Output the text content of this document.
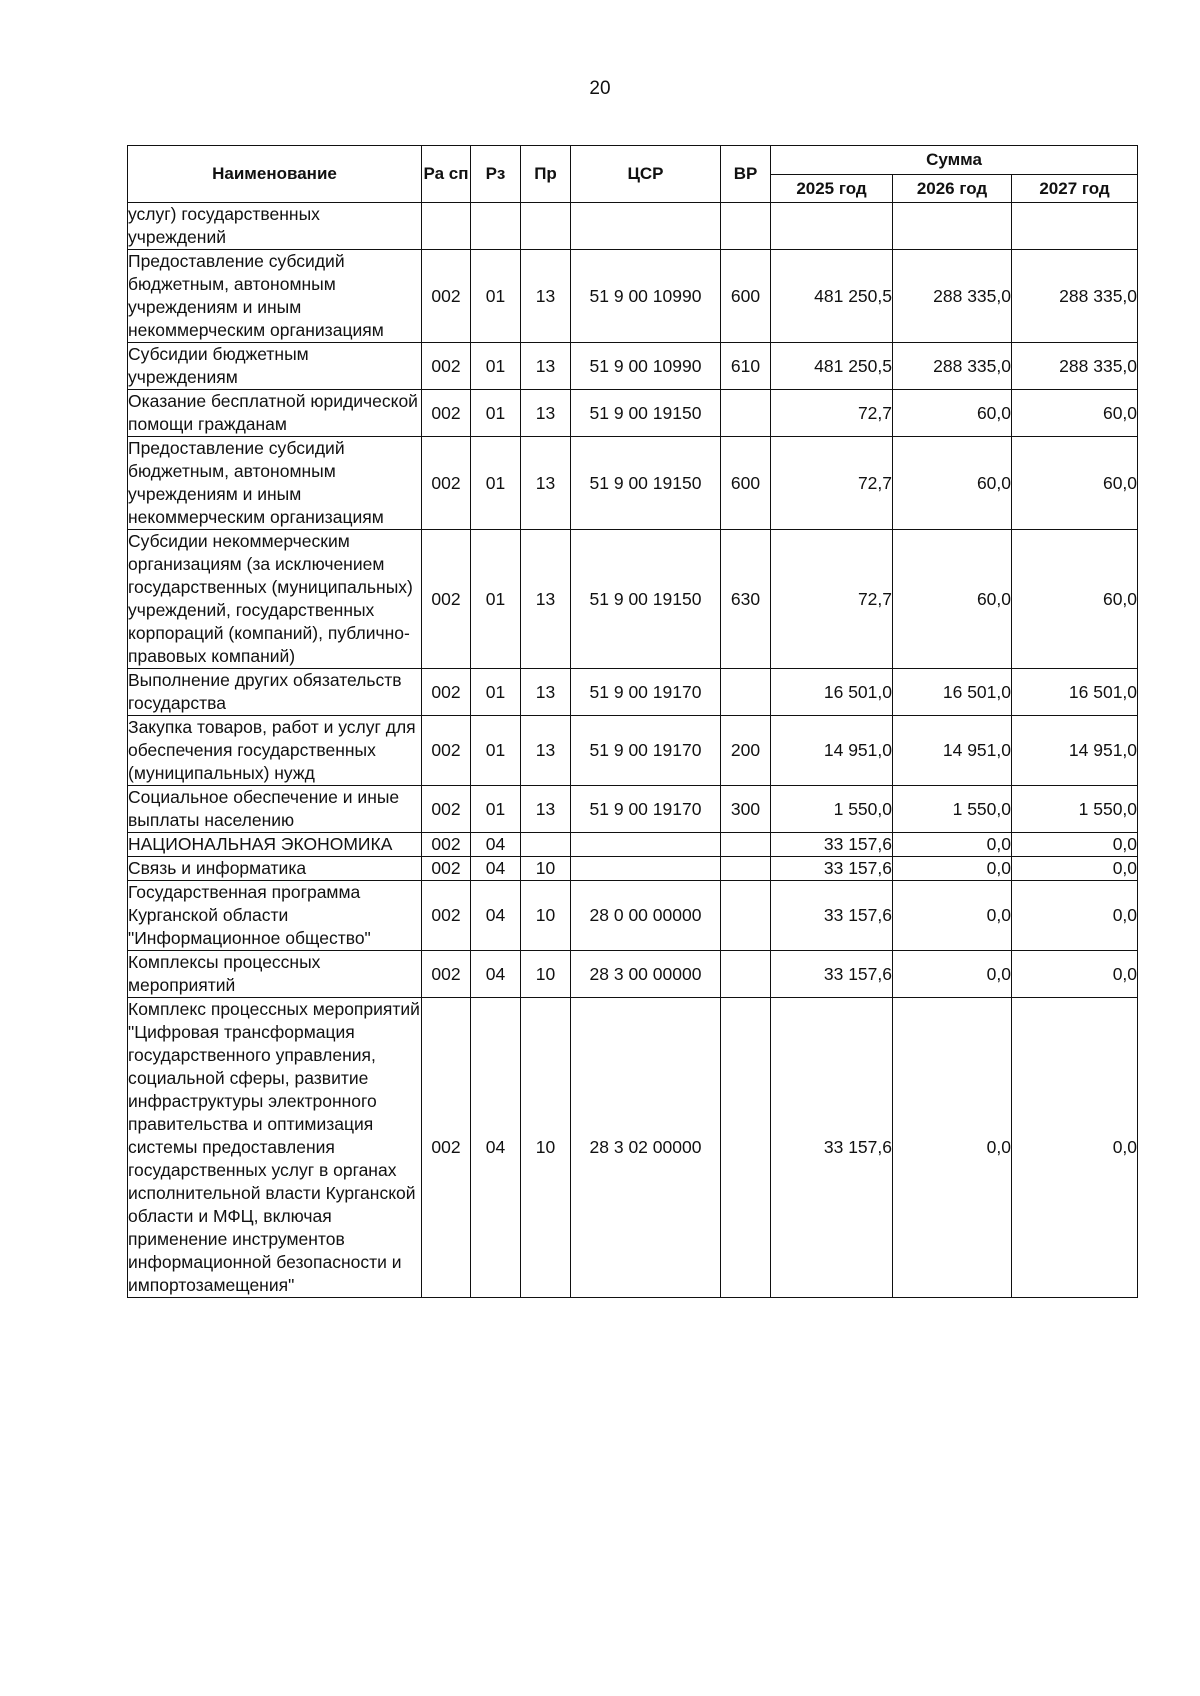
20
Наименование	Ра сп	Рз	Пр	ЦСР	ВР	Сумма		
						2025 год	2026 год	2027 год
услуг) государственных учреждений								
Предоставление субсидий бюджетным, автономным учреждениям и иным некоммерческим организациям	002	01	13	51 9 00 10990	600	481 250,5	288 335,0	288 335,0
Субсидии бюджетным учреждениям	002	01	13	51 9 00 10990	610	481 250,5	288 335,0	288 335,0
Оказание бесплатной юридической помощи гражданам	002	01	13	51 9 00 19150		72,7	60,0	60,0
Предоставление субсидий бюджетным, автономным учреждениям и иным некоммерческим организациям	002	01	13	51 9 00 19150	600	72,7	60,0	60,0
Субсидии некоммерческим организациям (за исключением государственных (муниципальных) учреждений, государственных корпораций (компаний), публично-правовых компаний)	002	01	13	51 9 00 19150	630	72,7	60,0	60,0
Выполнение других обязательств государства	002	01	13	51 9 00 19170		16 501,0	16 501,0	16 501,0
Закупка товаров, работ и услуг для обеспечения государственных (муниципальных) нужд	002	01	13	51 9 00 19170	200	14 951,0	14 951,0	14 951,0
Социальное обеспечение и иные выплаты населению	002	01	13	51 9 00 19170	300	1 550,0	1 550,0	1 550,0
НАЦИОНАЛЬНАЯ ЭКОНОМИКА	002	04				33 157,6	0,0	0,0
Связь и информатика	002	04	10			33 157,6	0,0	0,0
Государственная программа Курганской области "Информационное общество"	002	04	10	28 0 00 00000		33 157,6	0,0	0,0
Комплексы процессных мероприятий	002	04	10	28 3 00 00000		33 157,6	0,0	0,0
Комплекс процессных мероприятий "Цифровая трансформация государственного управления, социальной сферы, развитие инфраструктуры электронного правительства и оптимизация системы предоставления государственных услуг в органах исполнительной власти Курганской области и МФЦ, включая применение инструментов информационной безопасности и импортозамещения"	002	04	10	28 3 02 00000		33 157,6	0,0	0,0
